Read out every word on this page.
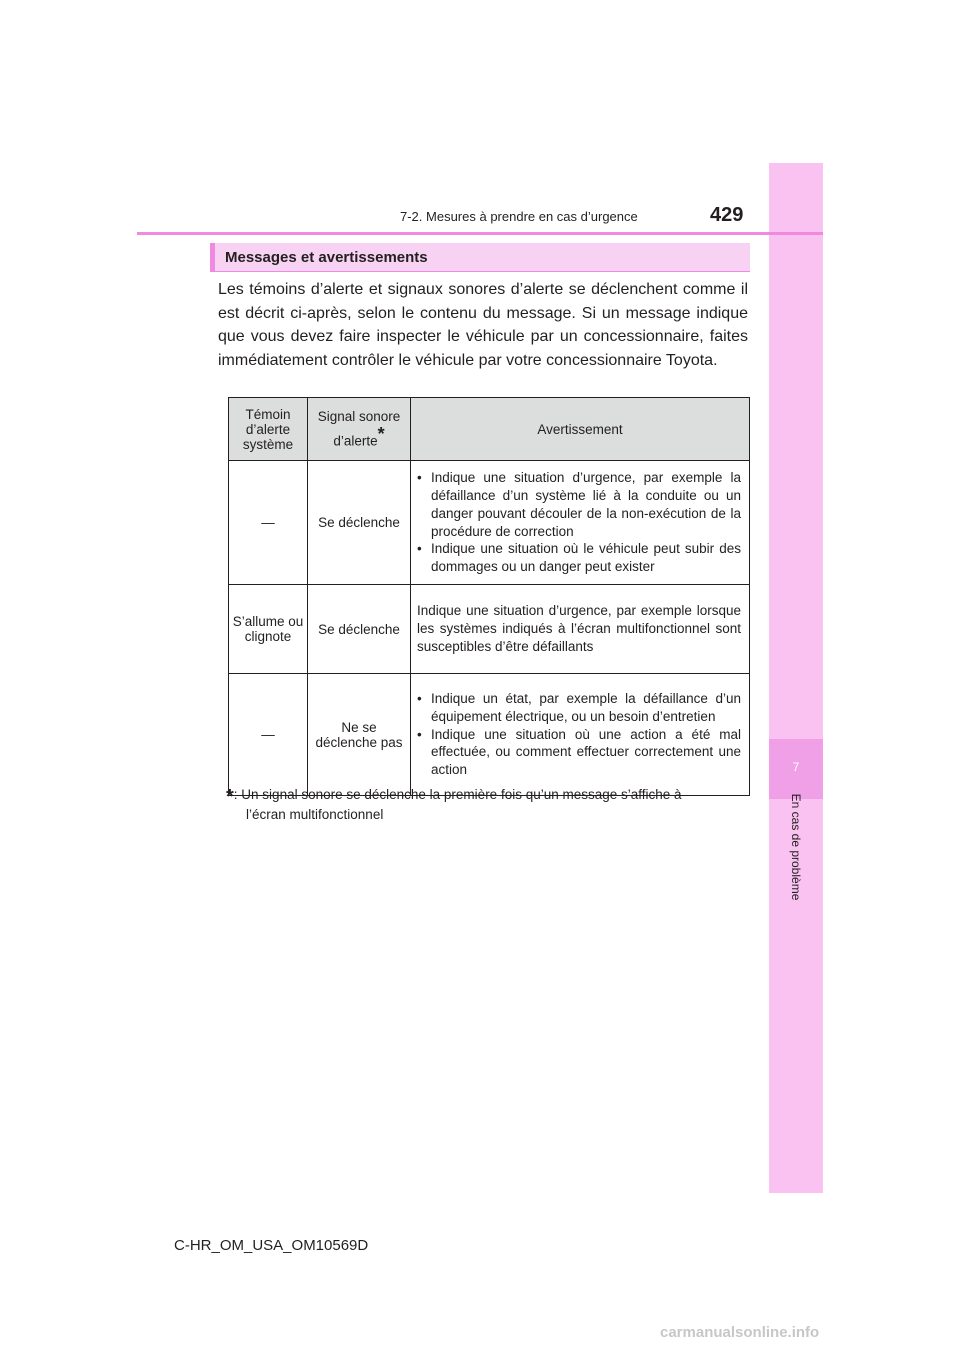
7
En cas de problème
7-2. Mesures à prendre en cas d’urgence	429
Messages et avertissements
Les témoins d’alerte et signaux sonores d’alerte se déclenchent comme il est décrit ci-après, selon le contenu du message. Si un message indique que vous devez faire inspecter le véhicule par un concessionnaire, faites immédiatement contrôler le véhicule par votre concessionnaire Toyota.
Témoin d’alerte système	Signal sonore d’alerte*	Avertissement
—	Se déclenche	• Indique une situation d’urgence, par exemple la défaillance d’un système lié à la conduite ou un danger pouvant découler de la non-exécution de la procédure de correction
• Indique une situation où le véhicule peut subir des dommages ou un danger peut exister

S’allume ou clignote	Se déclenche	Indique une situation d’urgence, par exemple lorsque les systèmes indiqués à l’écran multifonctionnel sont susceptibles d’être défaillants
—	Ne se déclenche pas	• Indique un état, par exemple la défaillance d’un équipement électrique, ou un besoin d’entretien
• Indique une situation où une action a été mal effectuée, ou comment effectuer correctement une action
*: Un signal sonore se déclenche la première fois qu’un message s’affiche à
l’écran multifonctionnel
C-HR_OM_USA_OM10569D
carmanualsonline.info
